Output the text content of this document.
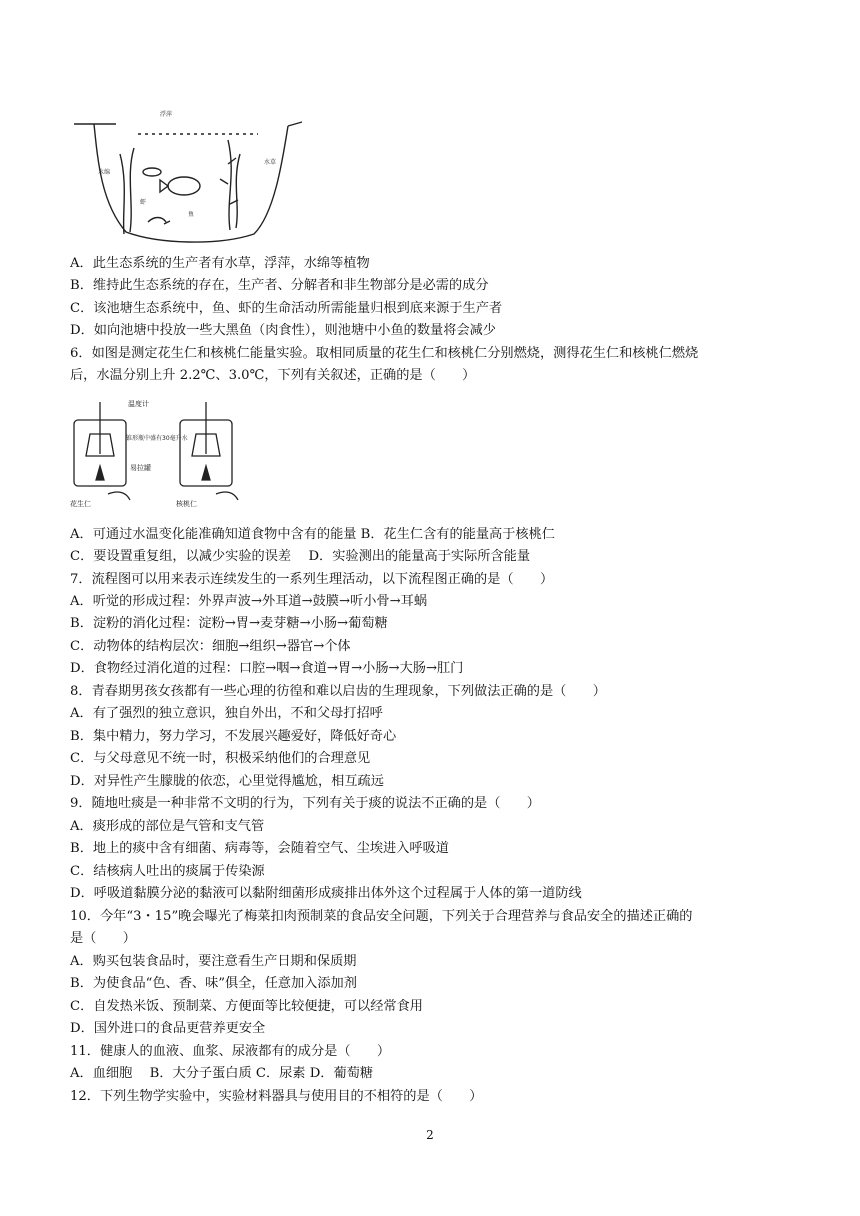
浮萍
水绵
水草
虾
鱼
温度计
锥形瓶中盛有30毫升水
易拉罐
花生仁	核桃仁
A．此生态系统的生产者有水草，浮萍，水绵等植物
B．维持此生态系统的存在，生产者、分解者和非生物部分是必需的成分
C．该池塘生态系统中，鱼、虾的生命活动所需能量归根到底来源于生产者
D．如向池塘中投放一些大黑鱼（肉食性），则池塘中小鱼的数量将会减少
6．如图是测定花生仁和核桃仁能量实验。取相同质量的花生仁和核桃仁分别燃烧，测得花生仁和核桃仁燃烧
后，水温分别上升 2.2℃、3.0℃，下列有关叙述，正确的是（　　）
A．可通过水温变化能准确知道食物中含有的能量 B．花生仁含有的能量高于核桃仁
C．要设置重复组，以减少实验的误差　 D．实验测出的能量高于实际所含能量
7．流程图可以用来表示连续发生的一系列生理活动，以下流程图正确的是（　　）
A．听觉的形成过程：外界声波→外耳道→鼓膜→听小骨→耳蜗
B．淀粉的消化过程：淀粉→胃→麦芽糖→小肠→葡萄糖
C．动物体的结构层次：细胞→组织→器官→个体
D．食物经过消化道的过程：口腔→咽→食道→胃→小肠→大肠→肛门
8．青春期男孩女孩都有一些心理的彷徨和难以启齿的生理现象，下列做法正确的是（　　）
A．有了强烈的独立意识，独自外出，不和父母打招呼
B．集中精力，努力学习，不发展兴趣爱好，降低好奇心
C．与父母意见不统一时，积极采纳他们的合理意见
D．对异性产生朦胧的依恋，心里觉得尴尬，相互疏远
9．随地吐痰是一种非常不文明的行为，下列有关于痰的说法不正确的是（　　）
A．痰形成的部位是气管和支气管
B．地上的痰中含有细菌、病毒等，会随着空气、尘埃进入呼吸道
C．结核病人吐出的痰属于传染源
D．呼吸道黏膜分泌的黏液可以黏附细菌形成痰排出体外这个过程属于人体的第一道防线
10．今年“3・15”晚会曝光了梅菜扣肉预制菜的食品安全问题，下列关于合理营养与食品安全的描述正确的
是（　　）
A．购买包装食品时，要注意看生产日期和保质期
B．为使食品“色、香、味”俱全，任意加入添加剂
C．自发热米饭、预制菜、方便面等比较便捷，可以经常食用
D．国外进口的食品更营养更安全
11．健康人的血液、血浆、尿液都有的成分是（　　）
A．血细胞　 B．大分子蛋白质 C．尿素 D．葡萄糖
12．下列生物学实验中，实验材料器具与使用目的不相符的是（　　）
2
